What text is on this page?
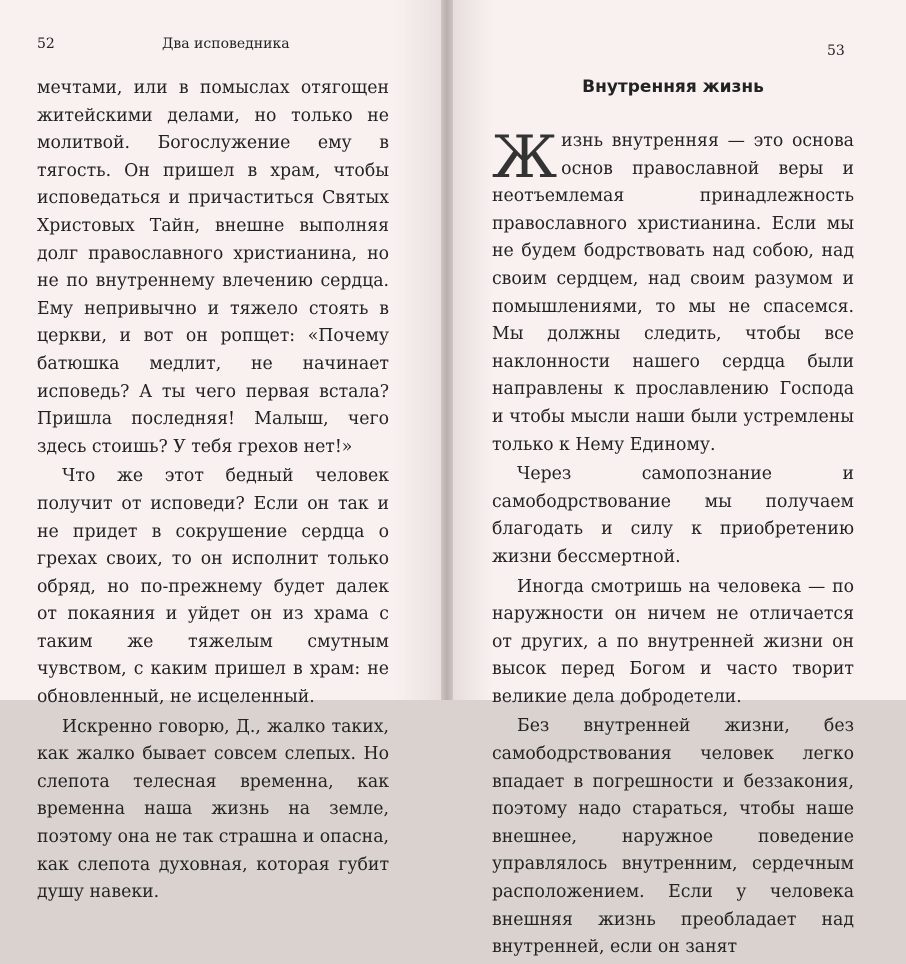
52	Два исповедника

мечтами, или в помыслах отягощен житейскими делами, но только не молитвой. Богослужение ему в тягость. Он пришел в храм, чтобы исповедаться и причаститься Святых Христовых Тайн, внешне выполняя долг православного христианина, но не по внутреннему влечению сердца. Ему непривычно и тяжело стоять в церкви, и вот он ропщет: «Почему батюшка медлит, не начинает исповедь? А ты чего первая встала? Пришла последняя! Малыш, чего здесь стоишь? У тебя грехов нет!»

Что же этот бедный человек получит от исповеди? Если он так и не придет в сокрушение сердца о грехах своих, то он исполнит только обряд, но по-прежнему будет далек от покаяния и уйдет он из храма с таким же тяжелым смутным чувством, с каким пришел в храм: не обновленный, не исцеленный.

Искренно говорю, Д., жалко таких, как жалко бывает совсем слепых. Но слепота телесная временна, как временна наша жизнь на земле, поэтому она не так страшна и опасна, как слепота духовная, которая губит душу навеки.

53
Внутренняя жизнь

Жизнь внутренняя — это основа основ православной веры и неотъемлемая принадлежность православного христианина. Если мы не будем бодрствовать над собою, над своим сердцем, над своим разумом и помышлениями, то мы не спасемся. Мы должны следить, чтобы все наклонности нашего сердца были направлены к прославлению Господа и чтобы мысли наши были устремлены только к Нему Единому.

Через самопознание и самободрствование мы получаем благодать и силу к приобретению жизни бессмертной.

Иногда смотришь на человека — по наружности он ничем не отличается от других, а по внутренней жизни он высок перед Богом и часто творит великие дела добродетели.

Без внутренней жизни, без самободрствования человек легко впадает в погрешности и беззакония, поэтому надо стараться, чтобы наше внешнее, наружное поведение управлялось внутренним, сердечным расположением. Если у человека внешняя жизнь преобладает над внутренней, если он занят
